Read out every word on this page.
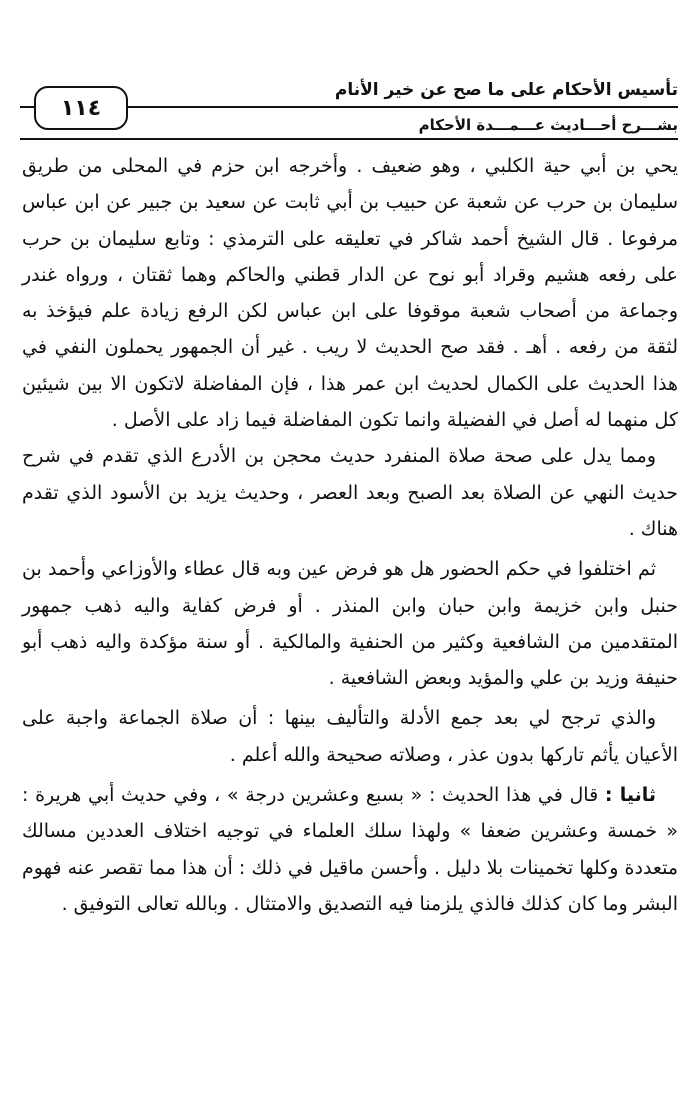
تأسيس الأحكام على ما صح عن خير الأنام
بشـــرح أحـــاديث عـــمـــدة الأحكام
١١٤

يحي بن أبي حية الكلبي ، وهو ضعيف . وأخرجه ابن حزم في المحلى من طريق سليمان بن حرب عن شعبة عن حبيب بن أبي ثابت عن سعيد بن جبير عن ابن عباس مرفوعا . قال الشيخ أحمد شاكر في تعليقه على الترمذي : وتابع سليمان بن حرب على رفعه هشيم وقراد أبو نوح عن الدار قطني والحاكم وهما ثقتان ، ورواه غندر وجماعة من أصحاب شعبة موقوفا على ابن عباس لكن الرفع زيادة علم فيؤخذ به لثقة من رفعه . أهـ . فقد صح الحديث لا ريب . غير أن الجمهور يحملون النفي في هذا الحديث على الكمال لحديث ابن عمر هذا ، فإن المفاضلة لاتكون الا بين شيئين كل منهما له أصل في الفضيلة وانما تكون المفاضلة فيما زاد على الأصل .

ومما يدل على صحة صلاة المنفرد حديث محجن بن الأدرع الذي تقدم في شرح حديث النهي عن الصلاة بعد الصبح وبعد العصر ، وحديث يزيد بن الأسود الذي تقدم هناك .

ثم اختلفوا في حكم الحضور هل هو فرض عين وبه قال عطاء والأوزاعي وأحمد بن حنبل وابن خزيمة وابن حبان وابن المنذر . أو فرض كفاية واليه ذهب جمهور المتقدمين من الشافعية وكثير من الحنفية والمالكية . أو سنة مؤكدة واليه ذهب أبو حنيفة وزيد بن علي والمؤيد وبعض الشافعية .

والذي ترجح لي بعد جمع الأدلة والتأليف بينها : أن صلاة الجماعة واجبة على الأعيان يأثم تاركها بدون عذر ، وصلاته صحيحة والله أعلم .

ثانيا : قال في هذا الحديث : « بسبع وعشرين درجة » ، وفي حديث أبي هريرة : « خمسة وعشرين ضعفا » ولهذا سلك العلماء في توجيه اختلاف العددين مسالك متعددة وكلها تخمينات بلا دليل . وأحسن ماقيل في ذلك : أن هذا مما تقصر عنه فهوم البشر وما كان كذلك فالذي يلزمنا فيه التصديق والامتثال . وبالله تعالى التوفيق .
